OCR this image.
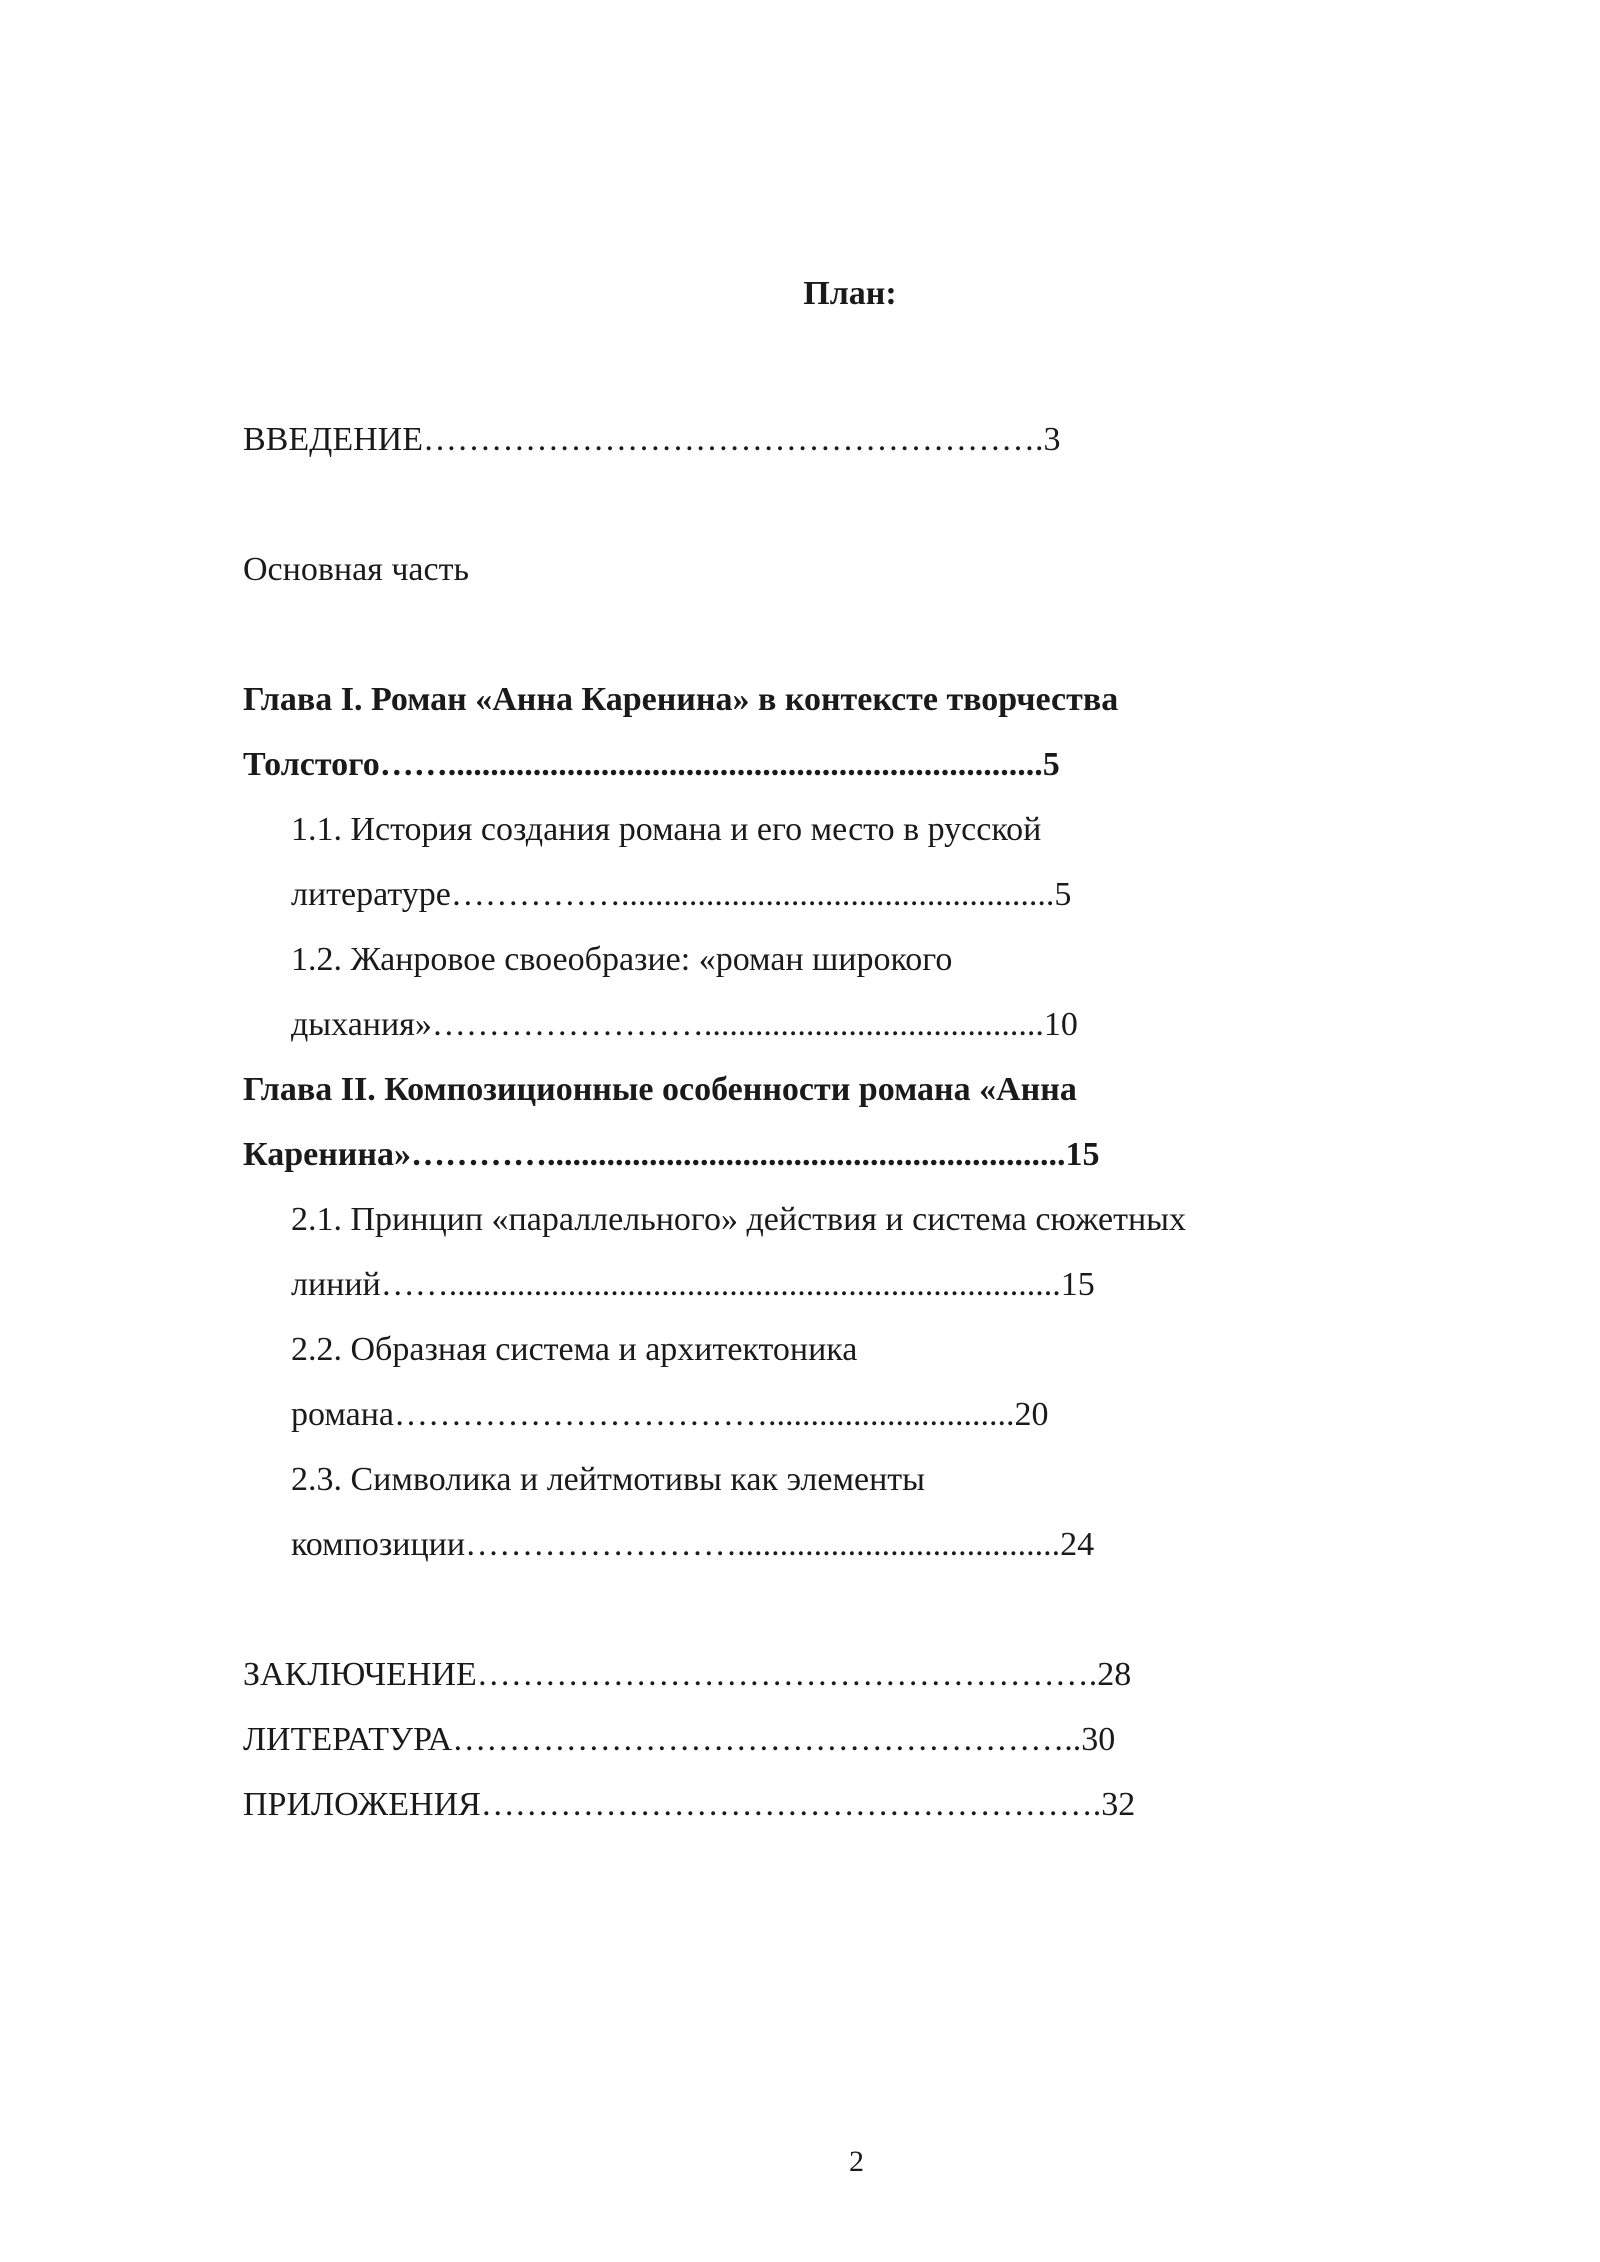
План:
ВВЕДЕНИЕ……………………………………………….3
Основная часть
Глава I. Роман «Анна Каренина» в контексте творчества
Толстого……......................................................................5
1.1. История создания романа и его место в русской
литературе……………...................................................5
1.2. Жанровое своеобразие: «роман широкого
дыхания»……………………........................................10
Глава II. Композиционные особенности романа «Анна
Каренина»………….............................................................15
2.1. Принцип «параллельного» действия и система сюжетных
линий……........................................................................15
2.2. Образная система и архитектоника
романа…………………………….............................20
2.3. Символика и лейтмотивы как элементы
композиции……………………......................................24
ЗАКЛЮЧЕНИЕ……………………………………………….28
ЛИТЕРАТУРА………………………………………………..30
ПРИЛОЖЕНИЯ……………………………………………….32
2
